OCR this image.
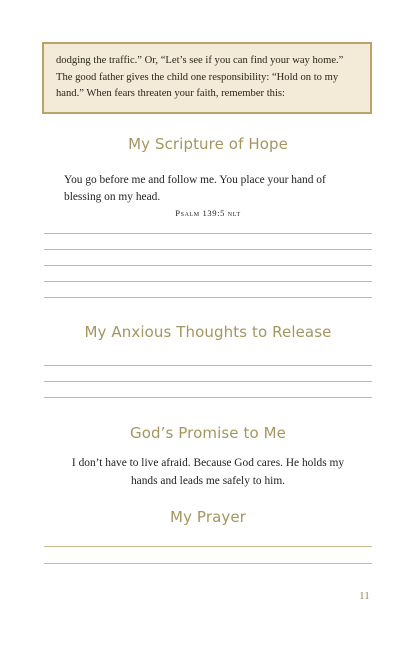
dodging the traffic.” Or, “Let’s see if you can find your way home.”
The good father gives the child one responsibility: “Hold on to my
hand.” When fears threaten your faith, remember this:

My Scripture of Hope
You go before me and follow me. You place your hand of blessing on my head.
Psalm 139:5 nlt
My Anxious Thoughts to Release
God’s Promise to Me
I don’t have to live afraid. Because God cares. He holds my hands and leads me safely to him.
My Prayer
11
